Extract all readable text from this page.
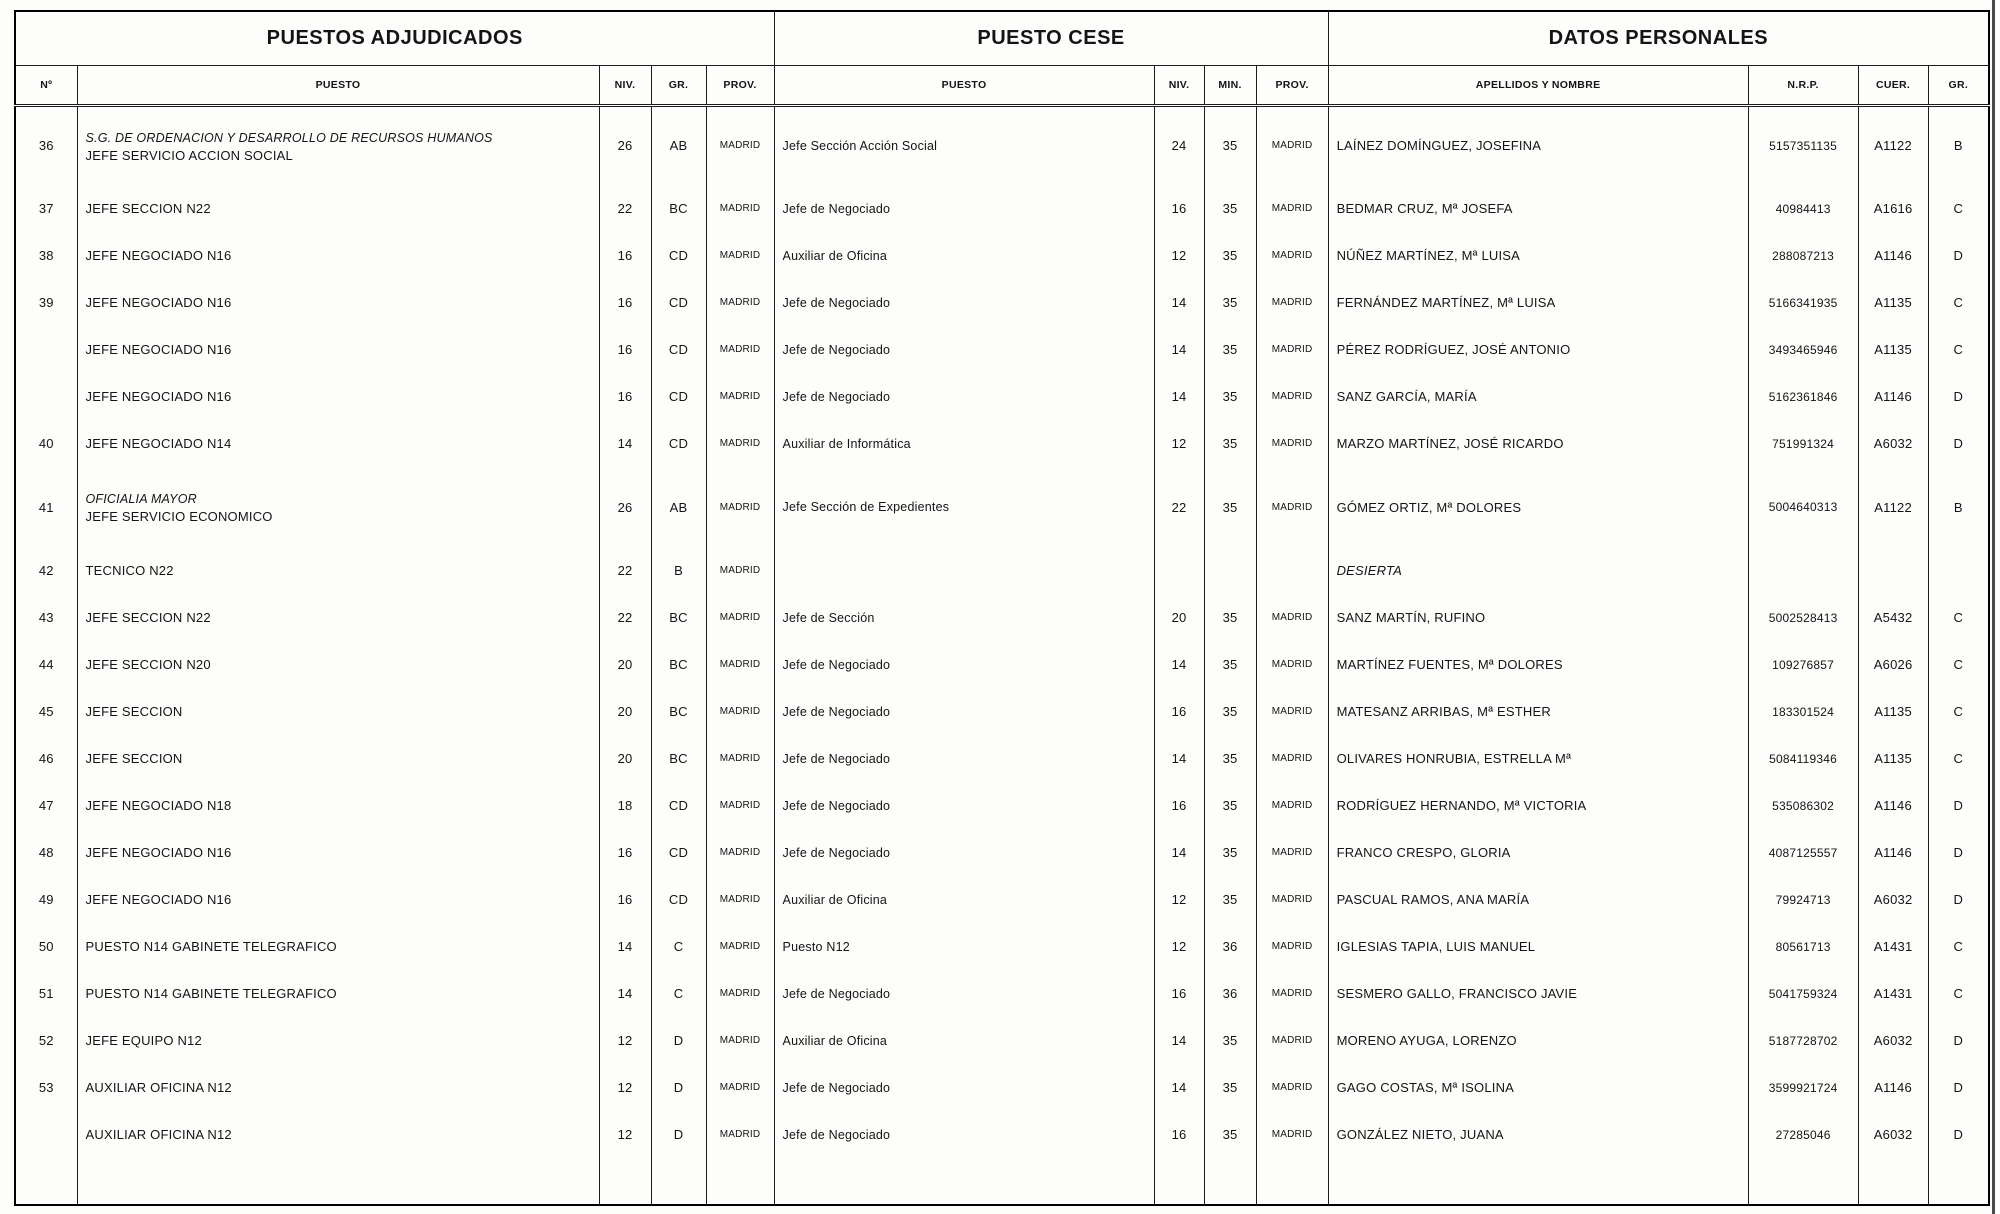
PUESTOS ADJUDICADOS					PUESTO CESE				DATOS PERSONALES			
Nº	PUESTO	NIV.	GR.	PROV.	PUESTO	NIV.	MIN.	PROV.	APELLIDOS Y NOMBRE	N.R.P.	CUER.	GR.
36	S.G. DE ORDENACION Y DESARROLLO DE RECURSOS HUMANOS
JEFE SERVICIO ACCION SOCIAL	26	AB	MADRID	Jefe Sección Acción Social	24	35	MADRID	LAÍNEZ DOMÍNGUEZ, JOSEFINA	5157351135	A1122	B
37	JEFE SECCION N22	22	BC	MADRID	Jefe de Negociado	16	35	MADRID	BEDMAR CRUZ, Mª JOSEFA	40984413	A1616	C
38	JEFE NEGOCIADO N16	16	CD	MADRID	Auxiliar de Oficina	12	35	MADRID	NÚÑEZ MARTÍNEZ, Mª LUISA	288087213	A1146	D
39	JEFE NEGOCIADO N16	16	CD	MADRID	Jefe de Negociado	14	35	MADRID	FERNÁNDEZ MARTÍNEZ, Mª LUISA	5166341935	A1135	C

	JEFE NEGOCIADO N16	16	CD	MADRID	Jefe de Negociado	14	35	MADRID	PÉREZ RODRÍGUEZ, JOSÉ ANTONIO	3493465946	A1135	C

	JEFE NEGOCIADO N16	16	CD	MADRID	Jefe de Negociado	14	35	MADRID	SANZ GARCÍA, MARÍA	5162361846	A1146	D
40	JEFE NEGOCIADO N14	14	CD	MADRID	Auxiliar de Informática	12	35	MADRID	MARZO MARTÍNEZ, JOSÉ RICARDO	751991324	A6032	D
41	OFICIALIA MAYOR
JEFE SERVICIO ECONOMICO	26	AB	MADRID	Jefe Sección de Expedientes	22	35	MADRID	GÓMEZ ORTIZ, Mª DOLORES	5004640313	A1122	B
42	TECNICO N22	22	B	MADRID					DESIERTA			
43	JEFE SECCION N22	22	BC	MADRID	Jefe de Sección	20	35	MADRID	SANZ MARTÍN, RUFINO	5002528413	A5432	C
44	JEFE SECCION N20	20	BC	MADRID	Jefe de Negociado	14	35	MADRID	MARTÍNEZ FUENTES, Mª DOLORES	109276857	A6026	C
45	JEFE SECCION	20	BC	MADRID	Jefe de Negociado	16	35	MADRID	MATESANZ ARRIBAS, Mª ESTHER	183301524	A1135	C
46	JEFE SECCION	20	BC	MADRID	Jefe de Negociado	14	35	MADRID	OLIVARES HONRUBIA, ESTRELLA Mª	5084119346	A1135	C
47	JEFE NEGOCIADO N18	18	CD	MADRID	Jefe de Negociado	16	35	MADRID	RODRÍGUEZ HERNANDO, Mª VICTORIA	535086302	A1146	D
48	JEFE NEGOCIADO N16	16	CD	MADRID	Jefe de Negociado	14	35	MADRID	FRANCO CRESPO, GLORIA	4087125557	A1146	D
49	JEFE NEGOCIADO N16	16	CD	MADRID	Auxiliar de Oficina	12	35	MADRID	PASCUAL RAMOS, ANA MARÍA	79924713	A6032	D
50	PUESTO N14 GABINETE TELEGRAFICO	14	C	MADRID	Puesto N12	12	36	MADRID	IGLESIAS TAPIA, LUIS MANUEL	80561713	A1431	C
51	PUESTO N14 GABINETE TELEGRAFICO	14	C	MADRID	Jefe de Negociado	16	36	MADRID	SESMERO GALLO, FRANCISCO JAVIE	5041759324	A1431	C
52	JEFE EQUIPO N12	12	D	MADRID	Auxiliar de Oficina	14	35	MADRID	MORENO AYUGA, LORENZO	5187728702	A6032	D
53	AUXILIAR OFICINA N12	12	D	MADRID	Jefe de Negociado	14	35	MADRID	GAGO COSTAS, Mª ISOLINA	3599921724	A1146	D

	AUXILIAR OFICINA N12	12	D	MADRID	Jefe de Negociado	16	35	MADRID	GONZÁLEZ NIETO, JUANA	27285046	A6032	D
